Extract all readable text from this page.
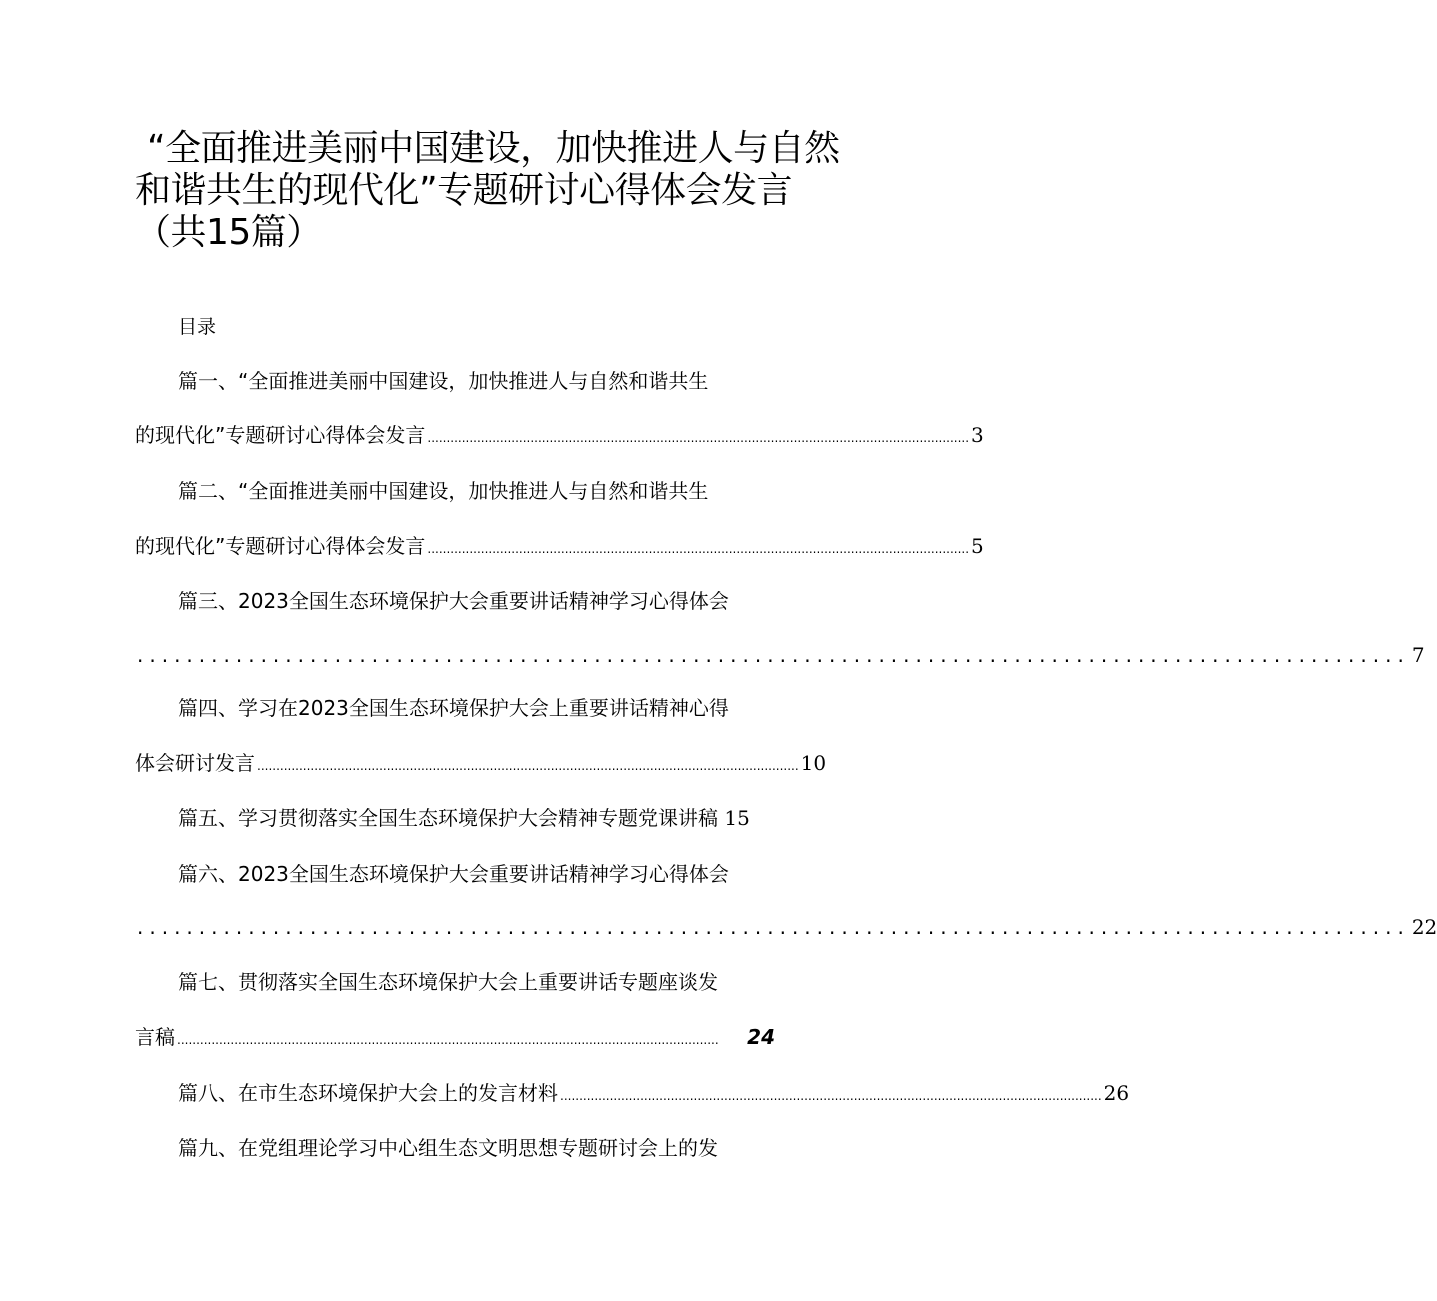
“全面推进美丽中国建设，加快推进人与自然
和谐共生的现代化”专题研讨心得体会发言
（共15篇）
目录
篇一、“全面推进美丽中国建设，加快推进人与自然和谐共生
的现代化”专题研讨心得体会发言 .............................................................................................................................................. 3
篇二、“全面推进美丽中国建设，加快推进人与自然和谐共生
的现代化”专题研讨心得体会发言 .............................................................................................................................................. 5
篇三、2023全国生态环境保护大会重要讲话精神学习心得体会
....................................................................................................... 7
篇四、学习在2023全国生态环境保护大会上重要讲话精神心得
体会研讨发言 .............................................................................................................................................. 10
篇五、学习贯彻落实全国生态环境保护大会精神专题党课讲稿 15
篇六、2023全国生态环境保护大会重要讲话精神学习心得体会
....................................................................................................... 22
篇七、贯彻落实全国生态环境保护大会上重要讲话专题座谈发
言稿 ..............................................................................................................................................	24
篇八、在市生态环境保护大会上的发言材料 .............................................................................................................................................. 26
篇九、在党组理论学习中心组生态文明思想专题研讨会上的发
